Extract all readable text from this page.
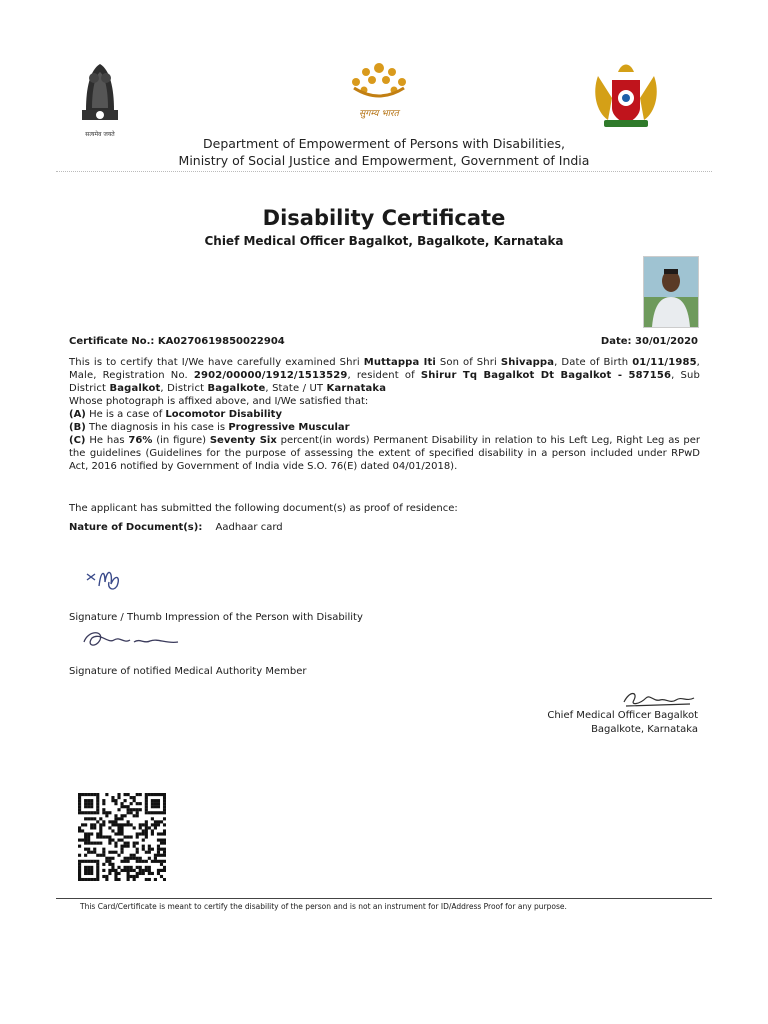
सत्यमेव जयते
सुगम्य भारत
Department of Empowerment of Persons with Disabilities,
Ministry of Social Justice and Empowerment, Government of India
Disability Certificate
Chief Medical Officer Bagalkot, Bagalkote, Karnataka
Certificate No.: KA0270619850022904	Date: 30/01/2020
This is to certify that I/We have carefully examined Shri Muttappa Iti Son of Shri Shivappa, Date of Birth 01/11/1985, Male, Registration No. 2902/00000/1912/1513529, resident of Shirur Tq Bagalkot Dt Bagalkot - 587156, Sub District Bagalkot, District Bagalkote, State / UT Karnataka
Whose photograph is affixed above, and I/We satisfied that:
(A) He is a case of Locomotor Disability
(B) The diagnosis in his case is Progressive Muscular
(C) He has 76% (in figure) Seventy Six percent(in words) Permanent Disability in relation to his Left Leg, Right Leg as per the guidelines (Guidelines for the purpose of assessing the extent of specified disability in a person included under RPwD Act, 2016 notified by Government of India vide S.O. 76(E) dated 04/01/2018).
The applicant has submitted the following document(s) as proof of residence:
Nature of Document(s): Aadhaar card
Signature / Thumb Impression of the Person with Disability
Signature of notified Medical Authority Member
Chief Medical Officer Bagalkot
Bagalkote, Karnataka
This Card/Certificate is meant to certify the disability of the person and is not an instrument for ID/Address Proof for any purpose.
